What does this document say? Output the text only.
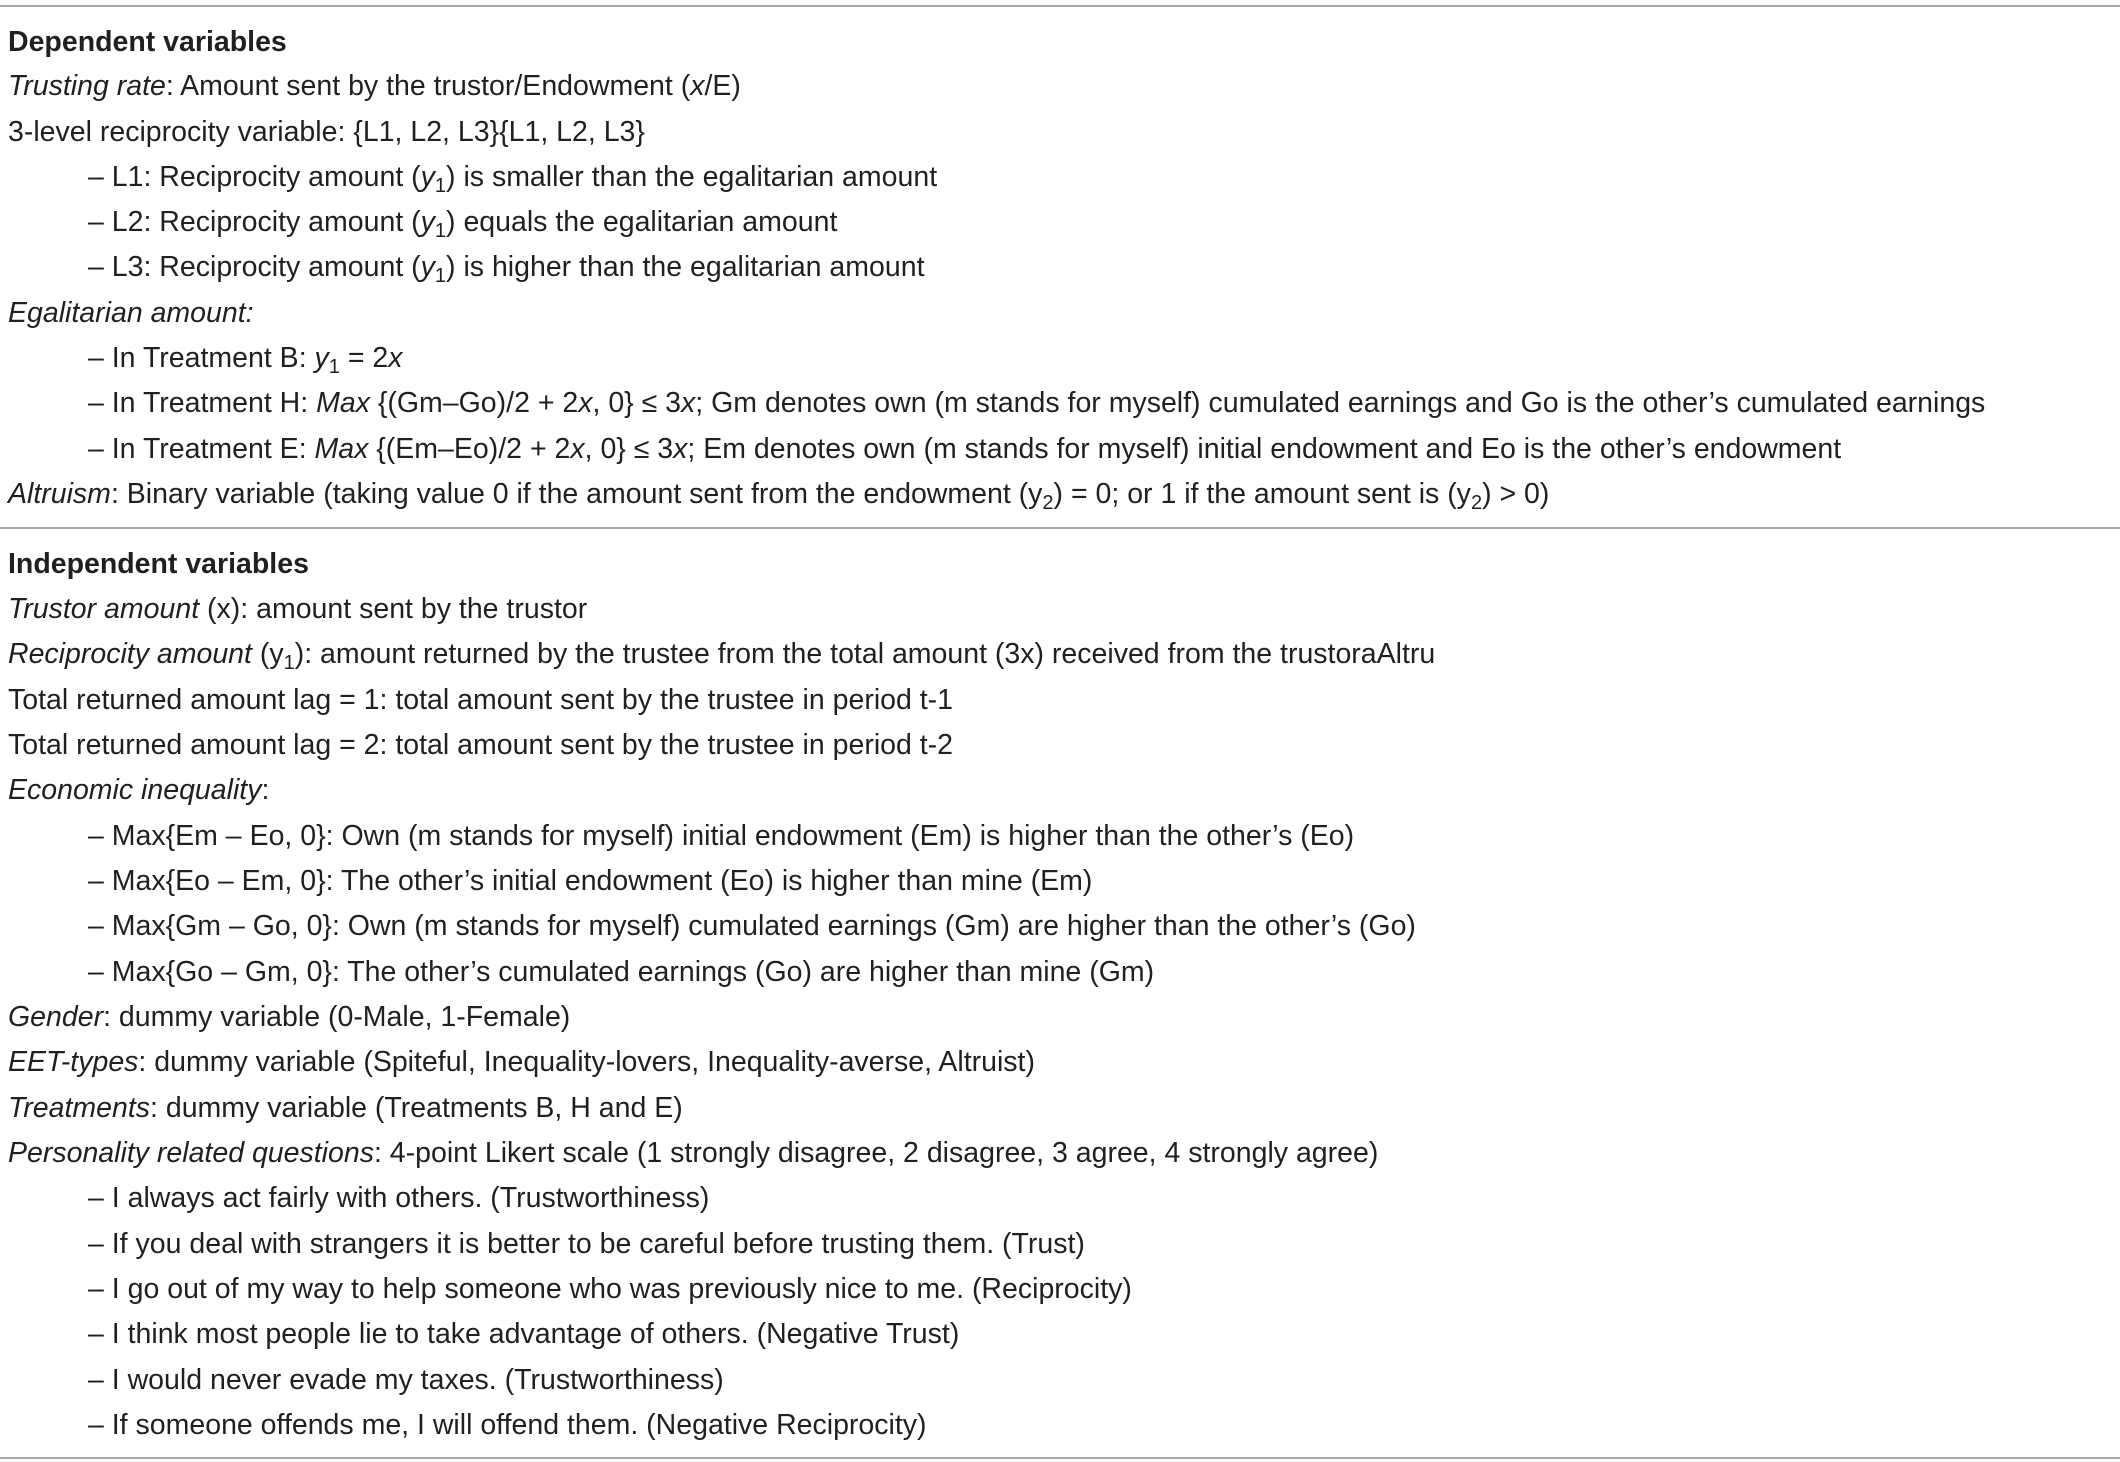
Dependent variables
Trusting rate: Amount sent by the trustor/Endowment (x/E)
3-level reciprocity variable: {L1, L2, L3}{L1, L2, L3}
– L1: Reciprocity amount $(y_1)$ is smaller than the egalitarian amount
– L2: Reciprocity amount $(y_1)$ equals the egalitarian amount
– L3: Reciprocity amount $(y_1)$ is higher than the egalitarian amount
Egalitarian amount:
– In Treatment B: $y_1 = 2x$
– In Treatment H: Max {(Gm–Go)/2 + 2x, 0} ≤ 3x; Gm denotes own (m stands for myself) cumulated earnings and Go is the other’s cumulated earnings
– In Treatment E: Max {(Em–Eo)/2 + 2x, 0} ≤ 3x; Em denotes own (m stands for myself) initial endowment and Eo is the other’s endowment
Altruism: Binary variable (taking value 0 if the amount sent from the endowment $(y_2) = 0$; or 1 if the amount sent is $(y_2) > 0$)
Independent variables
Trustor amount (x): amount sent by the trustor
Reciprocity amount $(y_1)$: amount returned by the trustee from the total amount (3x) received from the trustoraAltru
Total returned amount lag = 1: total amount sent by the trustee in period t-1
Total returned amount lag = 2: total amount sent by the trustee in period t-2
Economic inequality:
– Max{Em – Eo, 0}: Own (m stands for myself) initial endowment (Em) is higher than the other’s (Eo)
– Max{Eo – Em, 0}: The other’s initial endowment (Eo) is higher than mine (Em)
– Max{Gm – Go, 0}: Own (m stands for myself) cumulated earnings (Gm) are higher than the other’s (Go)
– Max{Go – Gm, 0}: The other’s cumulated earnings (Go) are higher than mine (Gm)
Gender: dummy variable (0-Male, 1-Female)
EET-types: dummy variable (Spiteful, Inequality-lovers, Inequality-averse, Altruist)
Treatments: dummy variable (Treatments B, H and E)
Personality related questions: 4-point Likert scale (1 strongly disagree, 2 disagree, 3 agree, 4 strongly agree)
– I always act fairly with others. (Trustworthiness)
– If you deal with strangers it is better to be careful before trusting them. (Trust)
– I go out of my way to help someone who was previously nice to me. (Reciprocity)
– I think most people lie to take advantage of others. (Negative Trust)
– I would never evade my taxes. (Trustworthiness)
– If someone offends me, I will offend them. (Negative Reciprocity)
